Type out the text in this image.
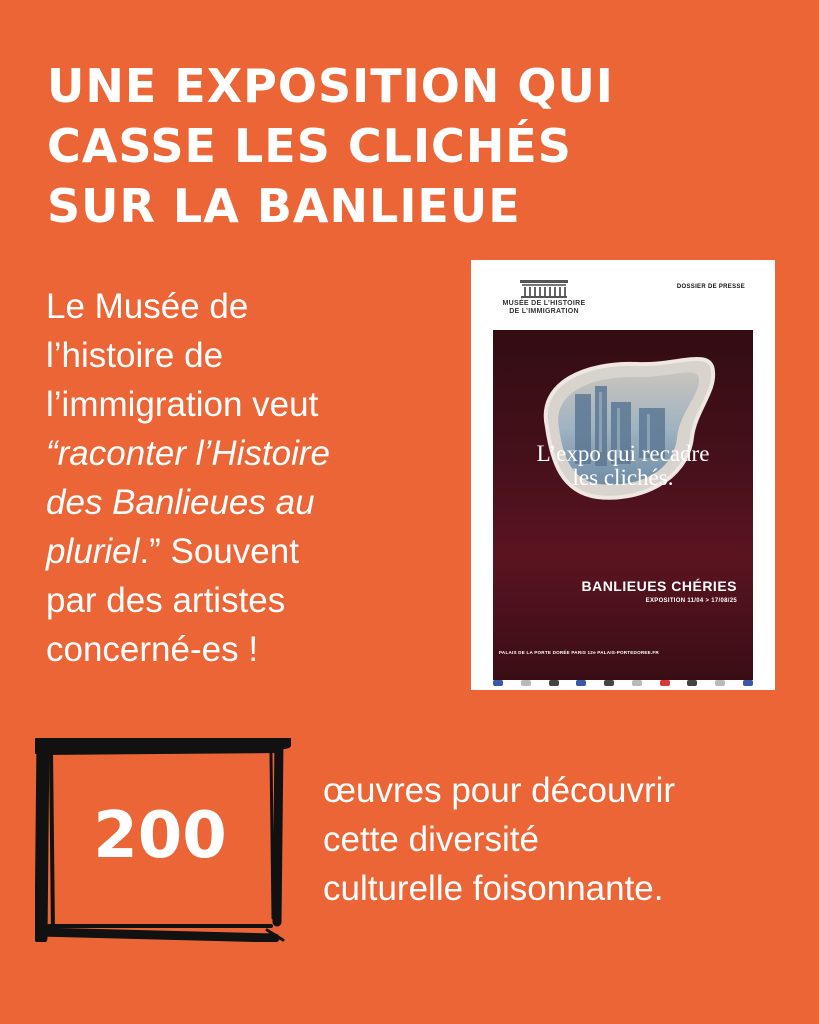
UNE EXPOSITION QUI
CASSE LES CLICHÉS
SUR LA BANLIEUE

Le Musée de
l’histoire de
l’immigration veut
“raconter l’Histoire
des Banlieues au
pluriel.” Souvent
par des artistes
concerné-es !

MUSÉE DE L’HISTOIRE
DE L’IMMIGRATION
DOSSIER DE PRESSE
L’expo qui recadre
les clichés.
BANLIEUES CHÉRIES
EXPOSITION 11/04 > 17/08/25
PALAIS DE LA PORTE DORÉE PARIS 12e PALAIS-PORTEDOREE.FR
200

œuvres pour découvrir
cette diversité
culturelle foisonnante.
